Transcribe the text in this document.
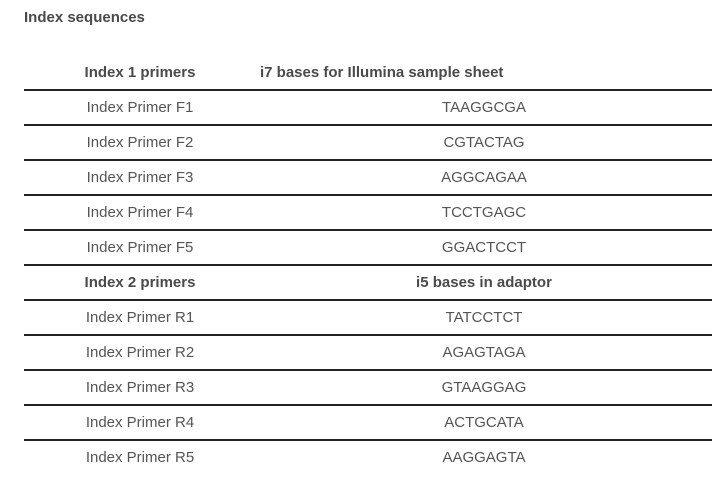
Index sequences
Index 1 primers	i7 bases for Illumina sample sheet
Index Primer F1	TAAGGCGA
Index Primer F2	CGTACTAG
Index Primer F3	AGGCAGAA
Index Primer F4	TCCTGAGC
Index Primer F5	GGACTCCT
Index 2 primers	i5 bases in adaptor
Index Primer R1	TATCCTCT
Index Primer R2	AGAGTAGA
Index Primer R3	GTAAGGAG
Index Primer R4	ACTGCATA
Index Primer R5	AAGGAGTA
